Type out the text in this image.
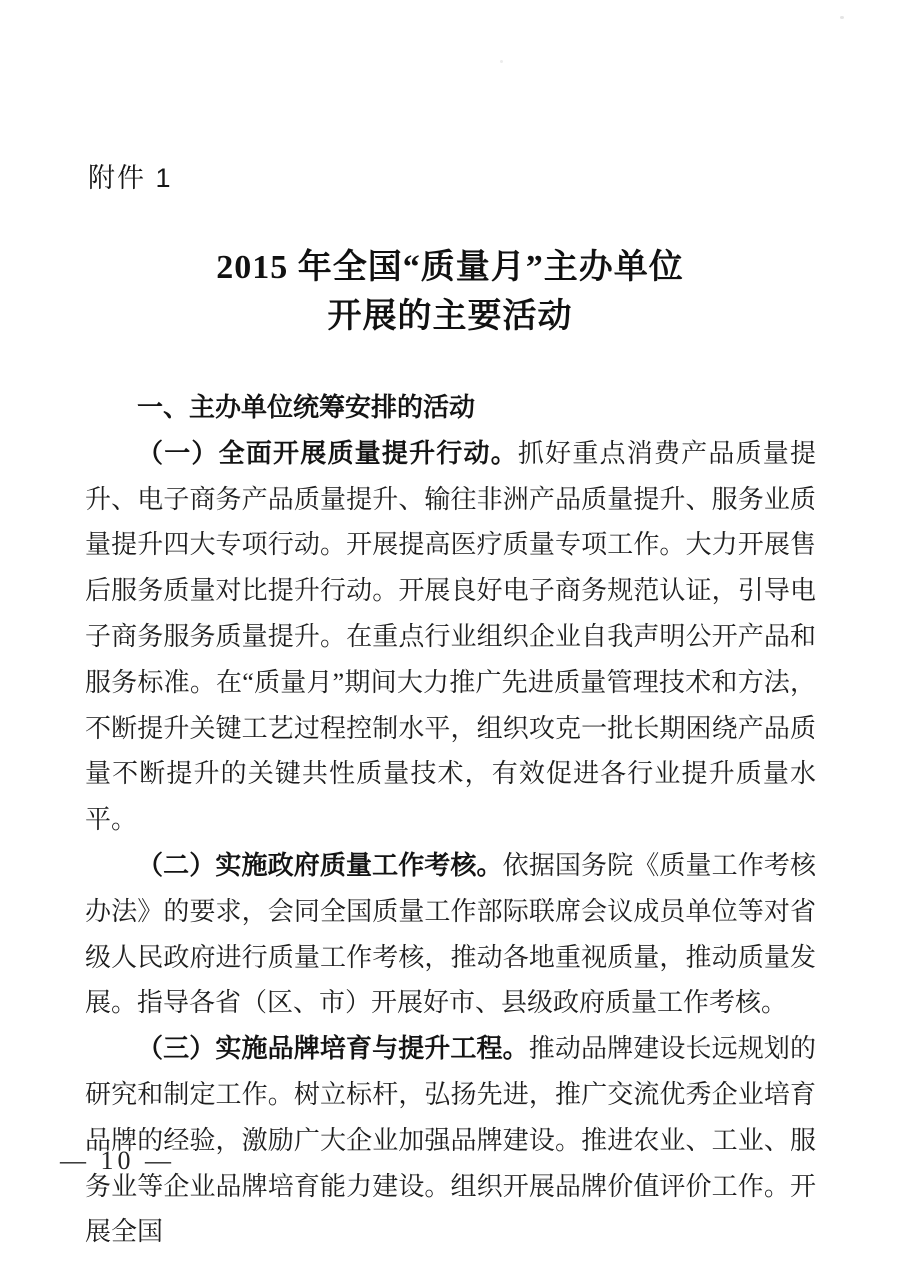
附件 1
2015 年全国“质量月”主办单位
开展的主要活动
一、主办单位统筹安排的活动
（一）全面开展质量提升行动。抓好重点消费产品质量提升、电子商务产品质量提升、输往非洲产品质量提升、服务业质量提升四大专项行动。开展提高医疗质量专项工作。大力开展售后服务质量对比提升行动。开展良好电子商务规范认证，引导电子商务服务质量提升。在重点行业组织企业自我声明公开产品和服务标准。在“质量月”期间大力推广先进质量管理技术和方法，不断提升关键工艺过程控制水平，组织攻克一批长期困绕产品质量不断提升的关键共性质量技术，有效促进各行业提升质量水平。
（二）实施政府质量工作考核。依据国务院《质量工作考核办法》的要求，会同全国质量工作部际联席会议成员单位等对省级人民政府进行质量工作考核，推动各地重视质量，推动质量发展。指导各省（区、市）开展好市、县级政府质量工作考核。
（三）实施品牌培育与提升工程。推动品牌建设长远规划的研究和制定工作。树立标杆，弘扬先进，推广交流优秀企业培育品牌的经验，激励广大企业加强品牌建设。推进农业、工业、服务业等企业品牌培育能力建设。组织开展品牌价值评价工作。开展全国
— 10 —
